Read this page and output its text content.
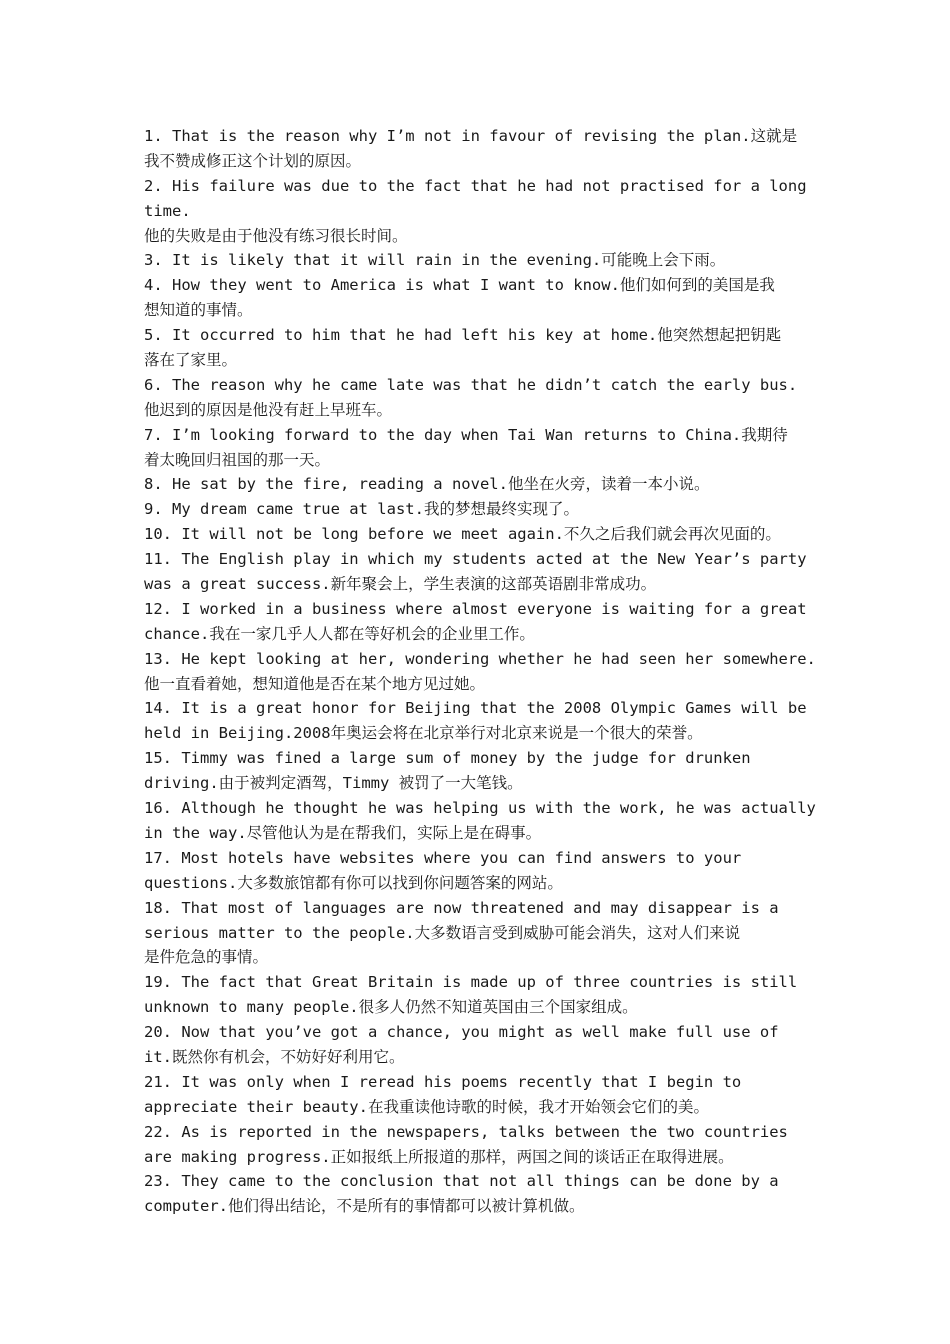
1. That is the reason why I’m not in favour of revising the plan.这就是
我不赞成修正这个计划的原因。
2. His failure was due to the fact that he had not practised for a long
time.
他的失败是由于他没有练习很长时间。
3. It is likely that it will rain in the evening.可能晚上会下雨。
4. How they went to America is what I want to know.他们如何到的美国是我
想知道的事情。
5. It occurred to him that he had left his key at home.他突然想起把钥匙
落在了家里。
6. The reason why he came late was that he didn’t catch the early bus.
他迟到的原因是他没有赶上早班车。
7. I’m looking forward to the day when Tai Wan returns to China.我期待
着太晚回归祖国的那一天。
8. He sat by the fire, reading a novel.他坐在火旁，读着一本小说。
9. My dream came true at last.我的梦想最终实现了。
10. It will not be long before we meet again.不久之后我们就会再次见面的。
11. The English play in which my students acted at the New Year’s party
was a great success.新年聚会上，学生表演的这部英语剧非常成功。
12. I worked in a business where almost everyone is waiting for a great
chance.我在一家几乎人人都在等好机会的企业里工作。
13. He kept looking at her, wondering whether he had seen her somewhere.
他一直看着她，想知道他是否在某个地方见过她。
14. It is a great honor for Beijing that the 2008 Olympic Games will be
held in Beijing.2008年奥运会将在北京举行对北京来说是一个很大的荣誉。
15. Timmy was fined a large sum of money by the judge for drunken
driving.由于被判定酒驾，Timmy 被罚了一大笔钱。
16. Although he thought he was helping us with the work, he was actually
in the way.尽管他认为是在帮我们，实际上是在碍事。
17. Most hotels have websites where you can find answers to your
questions.大多数旅馆都有你可以找到你问题答案的网站。
18. That most of languages are now threatened and may disappear is a
serious matter to the people.大多数语言受到威胁可能会消失，这对人们来说
是件危急的事情。
19. The fact that Great Britain is made up of three countries is still
unknown to many people.很多人仍然不知道英国由三个国家组成。
20. Now that you’ve got a chance, you might as well make full use of
it.既然你有机会，不妨好好利用它。
21. It was only when I reread his poems recently that I begin to
appreciate their beauty.在我重读他诗歌的时候，我才开始领会它们的美。
22. As is reported in the newspapers, talks between the two countries
are making progress.正如报纸上所报道的那样，两国之间的谈话正在取得进展。
23. They came to the conclusion that not all things can be done by a
computer.他们得出结论，不是所有的事情都可以被计算机做。
